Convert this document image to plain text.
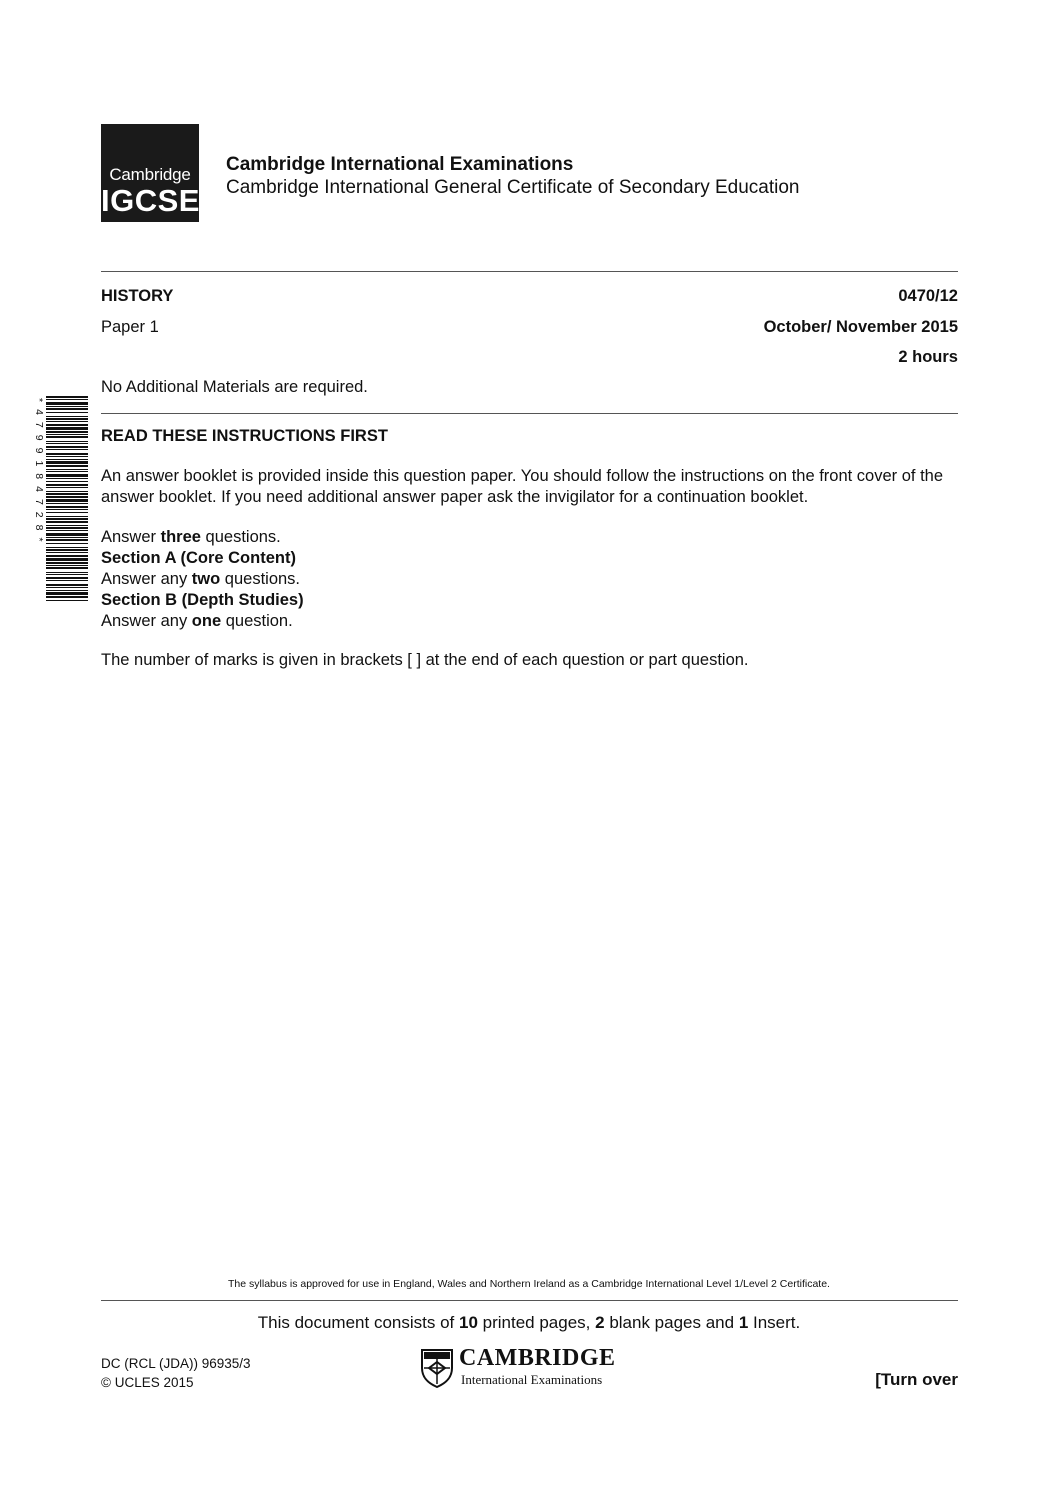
Cambridge
IGCSE
Cambridge International Examinations
Cambridge International General Certificate of Secondary Education
HISTORY	0470/12
Paper 1	October/ November 2015
2 hours
No Additional Materials are required.
*4799184728*	READ THESE INSTRUCTIONS FIRST
An answer booklet is provided inside this question paper. You should follow the instructions on the front cover of the answer booklet. If you need additional answer paper ask the invigilator for a continuation booklet.
Answer three questions.
Section A (Core Content)
Answer any two questions.
Section B (Depth Studies)
Answer any one question.
The number of marks is given in brackets [ ] at the end of each question or part question.
The syllabus is approved for use in England, Wales and Northern Ireland as a Cambridge International Level 1/Level 2 Certificate.
This document consists of 10 printed pages, 2 blank pages and 1 Insert.
DC (RCL (JDA)) 96935/3
© UCLES 2015
CAMBRIDGE
International Examinations	[Turn over
